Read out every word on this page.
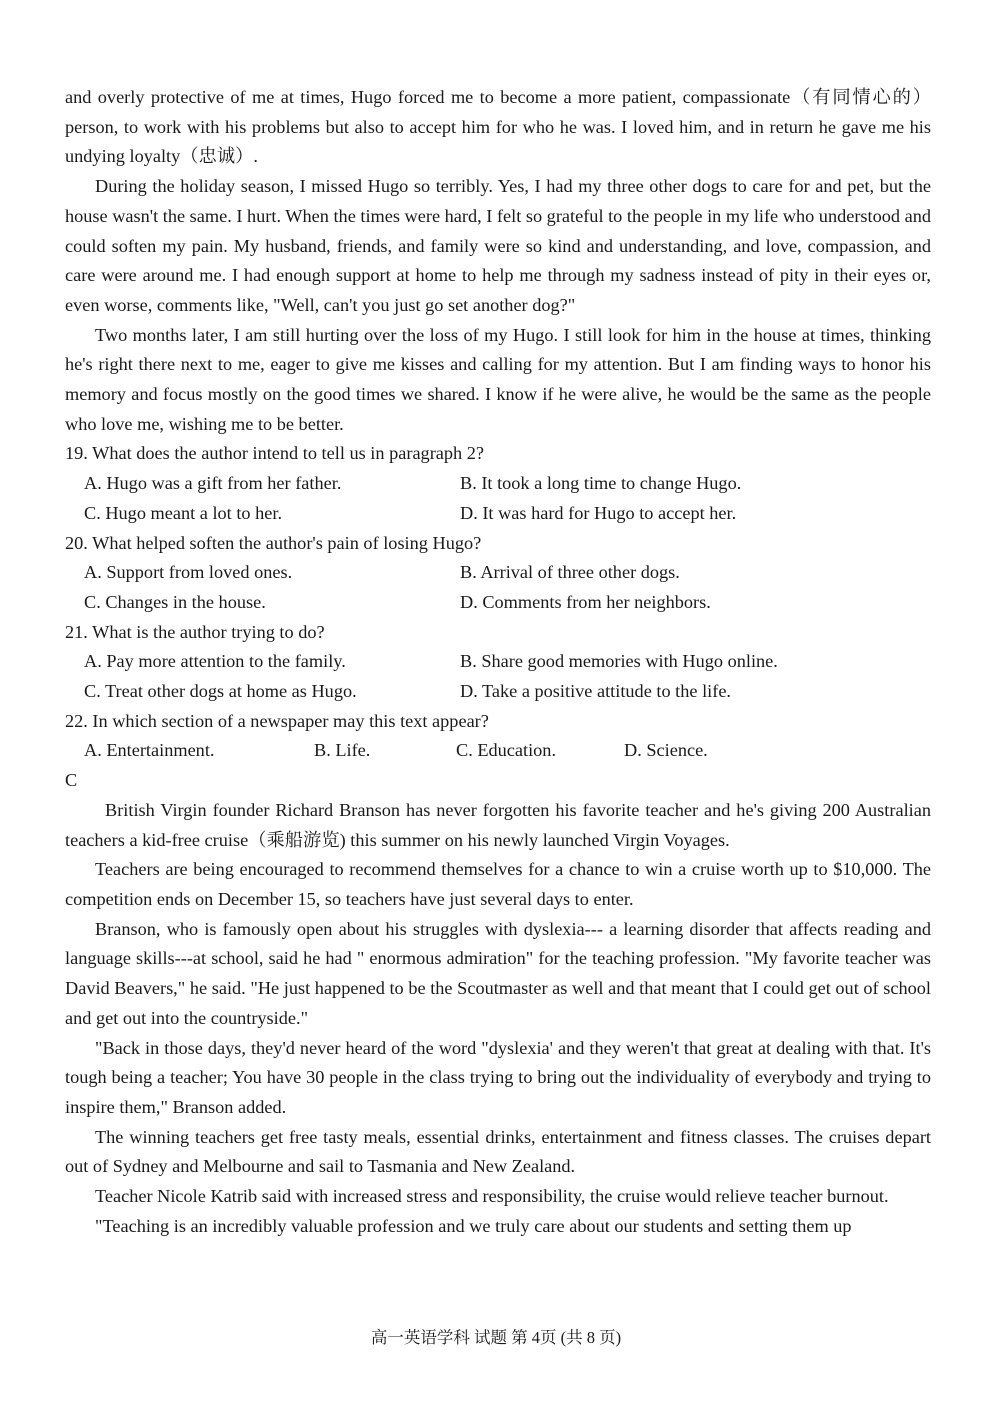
and overly protective of me at times, Hugo forced me to become a more patient, compassionate（有同情心的）person, to work with his problems but also to accept him for who he was. I loved him, and in return he gave me his undying loyalty（忠诚）.

During the holiday season, I missed Hugo so terribly. Yes, I had my three other dogs to care for and pet, but the house wasn't the same. I hurt. When the times were hard, I felt so grateful to the people in my life who understood and could soften my pain. My husband, friends, and family were so kind and understanding, and love, compassion, and care were around me. I had enough support at home to help me through my sadness instead of pity in their eyes or, even worse, comments like, "Well, can't you just go set another dog?"

Two months later, I am still hurting over the loss of my Hugo. I still look for him in the house at times, thinking he's right there next to me, eager to give me kisses and calling for my attention. But I am finding ways to honor his memory and focus mostly on the good times we shared. I know if he were alive, he would be the same as the people who love me, wishing me to be better.

19. What does the author intend to tell us in paragraph 2?

A. Hugo was a gift from her father.	B. It took a long time to change Hugo.
C. Hugo meant a lot to her.	D. It was hard for Hugo to accept her.

20. What helped soften the author's pain of losing Hugo?

A. Support from loved ones.	B. Arrival of three other dogs.
C. Changes in the house.	D. Comments from her neighbors.

21. What is the author trying to do?

A. Pay more attention to the family.	B. Share good memories with Hugo online.
C. Treat other dogs at home as Hugo.	D. Take a positive attitude to the life.

22. In which section of a newspaper may this text appear?

A. Entertainment.	B. Life.	C. Education.	D. Science.

C

British Virgin founder Richard Branson has never forgotten his favorite teacher and he's giving 200 Australian teachers a kid-free cruise（乘船游览) this summer on his newly launched Virgin Voyages.

Teachers are being encouraged to recommend themselves for a chance to win a cruise worth up to $10,000. The competition ends on December 15, so teachers have just several days to enter.

Branson, who is famously open about his struggles with dyslexia--- a learning disorder that affects reading and language skills---at school, said he had " enormous admiration" for the teaching profession. "My favorite teacher was David Beavers," he said. "He just happened to be the Scoutmaster as well and that meant that I could get out of school and get out into the countryside."

"Back in those days, they'd never heard of the word "dyslexia' and they weren't that great at dealing with that. It's tough being a teacher; You have 30 people in the class trying to bring out the individuality of everybody and trying to inspire them," Branson added.

The winning teachers get free tasty meals, essential drinks, entertainment and fitness classes. The cruises depart out of Sydney and Melbourne and sail to Tasmania and New Zealand.

Teacher Nicole Katrib said with increased stress and responsibility, the cruise would relieve teacher burnout.

"Teaching is an incredibly valuable profession and we truly care about our students and setting them up

高一英语学科 试题 第 4页 (共 8 页)
